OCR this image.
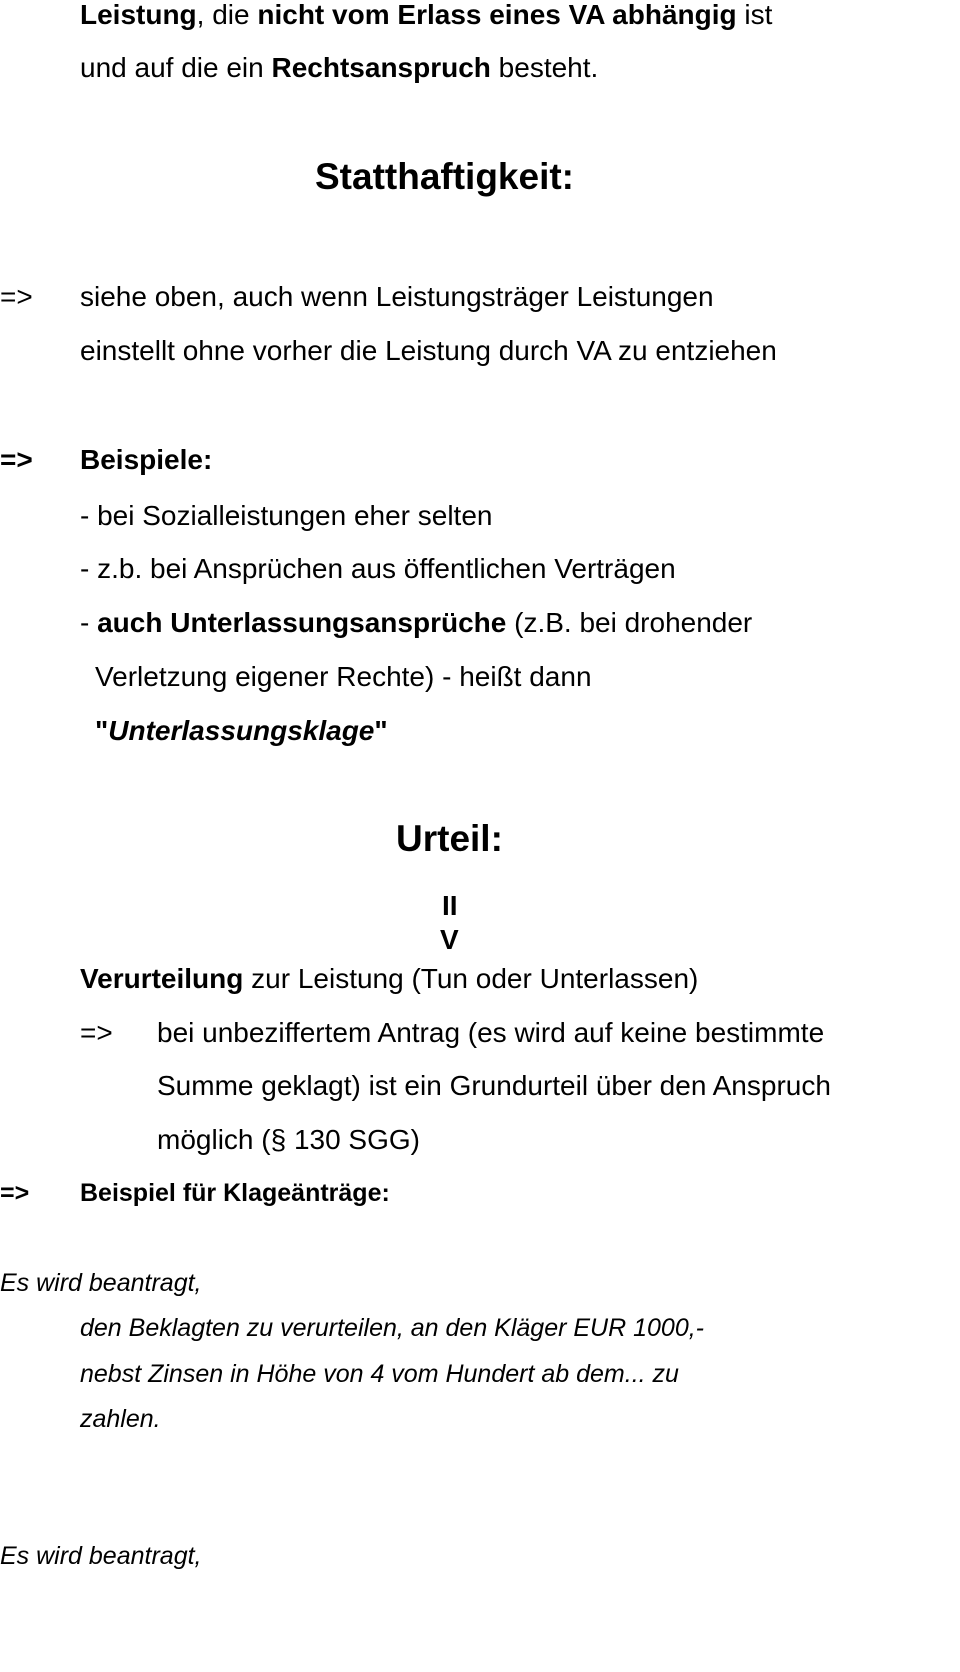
Leistung, die nicht vom Erlass eines VA abhängig ist
und auf die ein Rechtsanspruch besteht.
Statthaftigkeit:
=> siehe oben, auch wenn Leistungsträger Leistungen
einstellt ohne vorher die Leistung durch VA zu entziehen
=> Beispiele:
- bei Sozialleistungen eher selten
- z.b. bei Ansprüchen aus öffentlichen Verträgen
- auch Unterlassungsansprüche (z.B. bei drohender
Verletzung eigener Rechte) - heißt dann
"Unterlassungsklage"
Urteil:
II
V
Verurteilung zur Leistung (Tun oder Unterlassen)
=> bei unbeziffertem Antrag (es wird auf keine bestimmte
Summe geklagt) ist ein Grundurteil über den Anspruch
möglich (§ 130 SGG)
=> Beispiel für Klageänträge:
Es wird beantragt,
den Beklagten zu verurteilen, an den Kläger EUR 1000,-
nebst Zinsen in Höhe von 4 vom Hundert ab dem... zu
zahlen.
Es wird beantragt,
